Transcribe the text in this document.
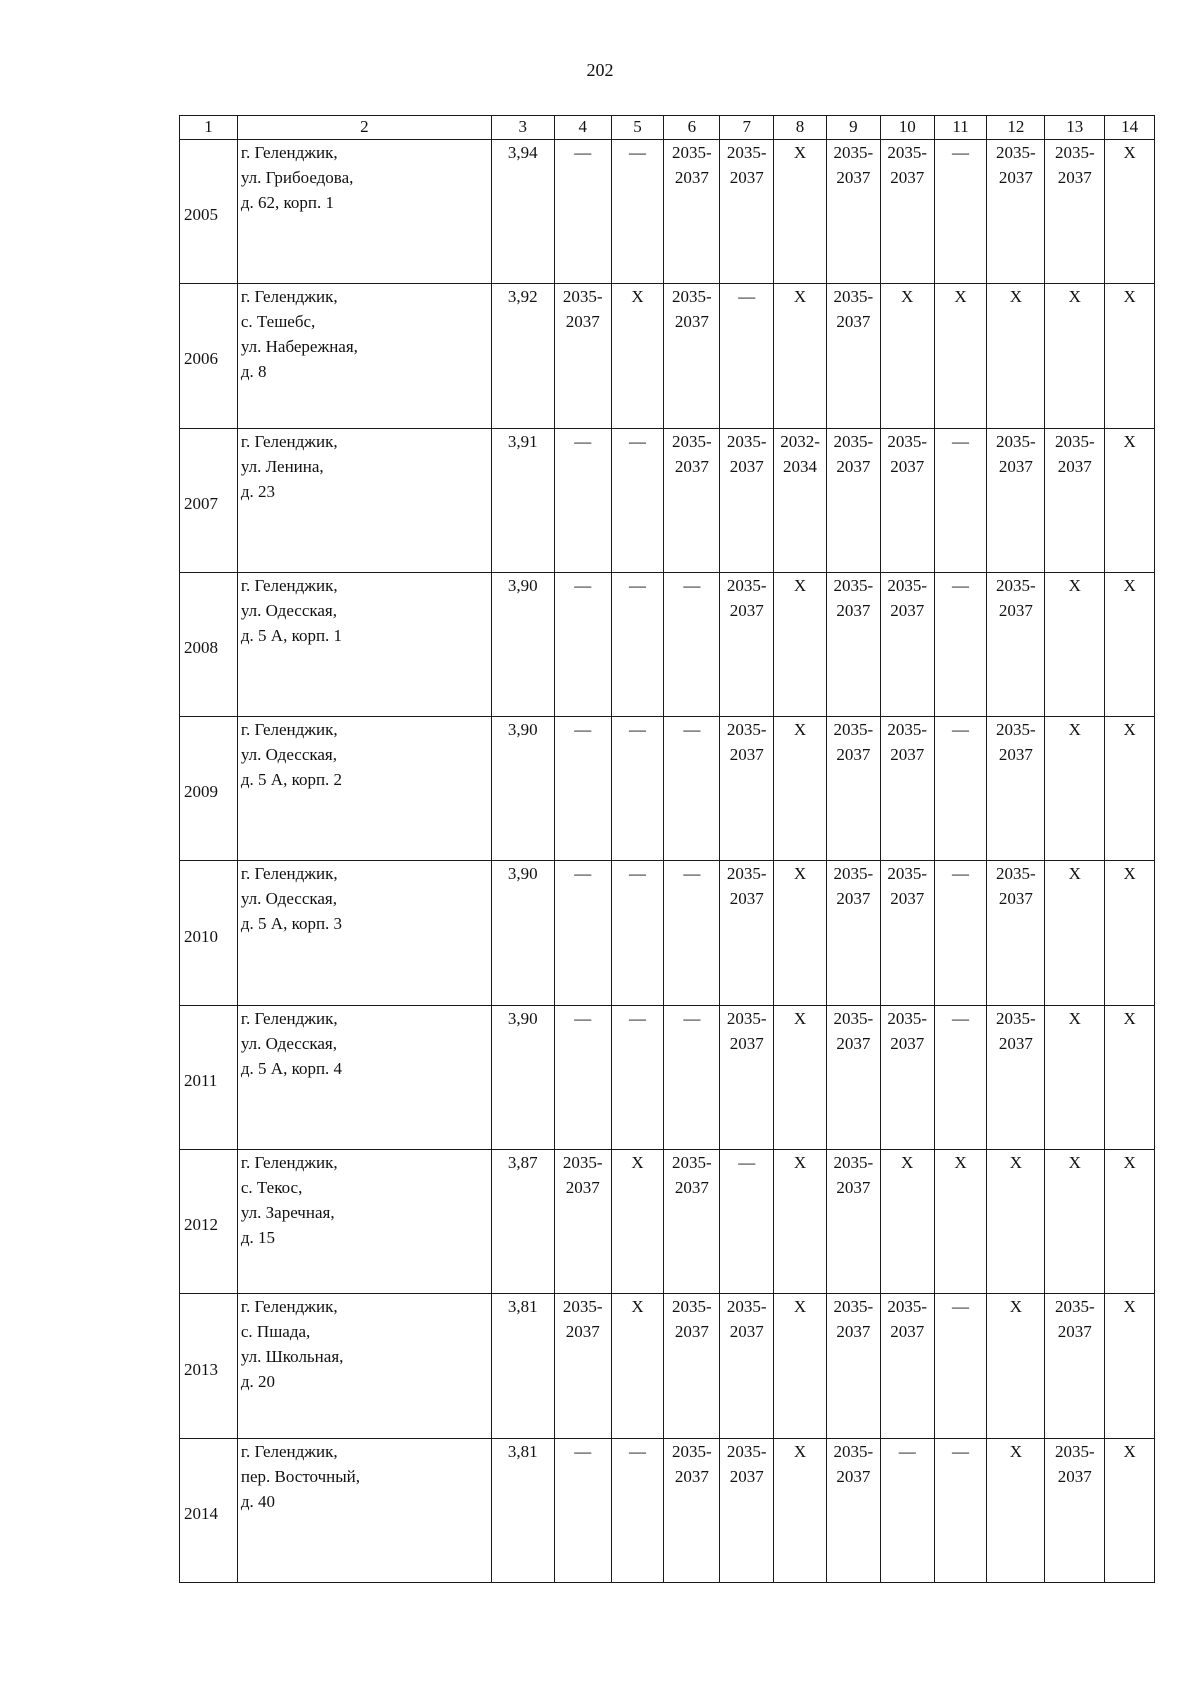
202
1	2	3	4	5	6	7	8	9	10	11	12	13	14
2005	г. Геленджик,
ул. Грибоедова,
д. 62, корп. 1	3,94	—	—	2035-2037	2035-2037	X	2035-2037	2035-2037	—	2035-2037	2035-2037	X
2006	г. Геленджик,
с. Тешебс,
ул. Набережная,
д. 8	3,92	2035-2037	X	2035-2037	—	X	2035-2037	X	X	X	X	X
2007	г. Геленджик,
ул. Ленина,
д. 23	3,91	—	—	2035-2037	2035-2037	2032-2034	2035-2037	2035-2037	—	2035-2037	2035-2037	X
2008	г. Геленджик,
ул. Одесская,
д. 5 А, корп. 1	3,90	—	—	—	2035-2037	X	2035-2037	2035-2037	—	2035-2037	X	X
2009	г. Геленджик,
ул. Одесская,
д. 5 А, корп. 2	3,90	—	—	—	2035-2037	X	2035-2037	2035-2037	—	2035-2037	X	X
2010	г. Геленджик,
ул. Одесская,
д. 5 А, корп. 3	3,90	—	—	—	2035-2037	X	2035-2037	2035-2037	—	2035-2037	X	X
2011	г. Геленджик,
ул. Одесская,
д. 5 А, корп. 4	3,90	—	—	—	2035-2037	X	2035-2037	2035-2037	—	2035-2037	X	X
2012	г. Геленджик,
с. Текос,
ул. Заречная,
д. 15	3,87	2035-2037	X	2035-2037	—	X	2035-2037	X	X	X	X	X
2013	г. Геленджик,
с. Пшада,
ул. Школьная,
д. 20	3,81	2035-2037	X	2035-2037	2035-2037	X	2035-2037	2035-2037	—	X	2035-2037	X
2014	г. Геленджик,
пер. Восточный,
д. 40	3,81	—	—	2035-2037	2035-2037	X	2035-2037	—	—	X	2035-2037	X
